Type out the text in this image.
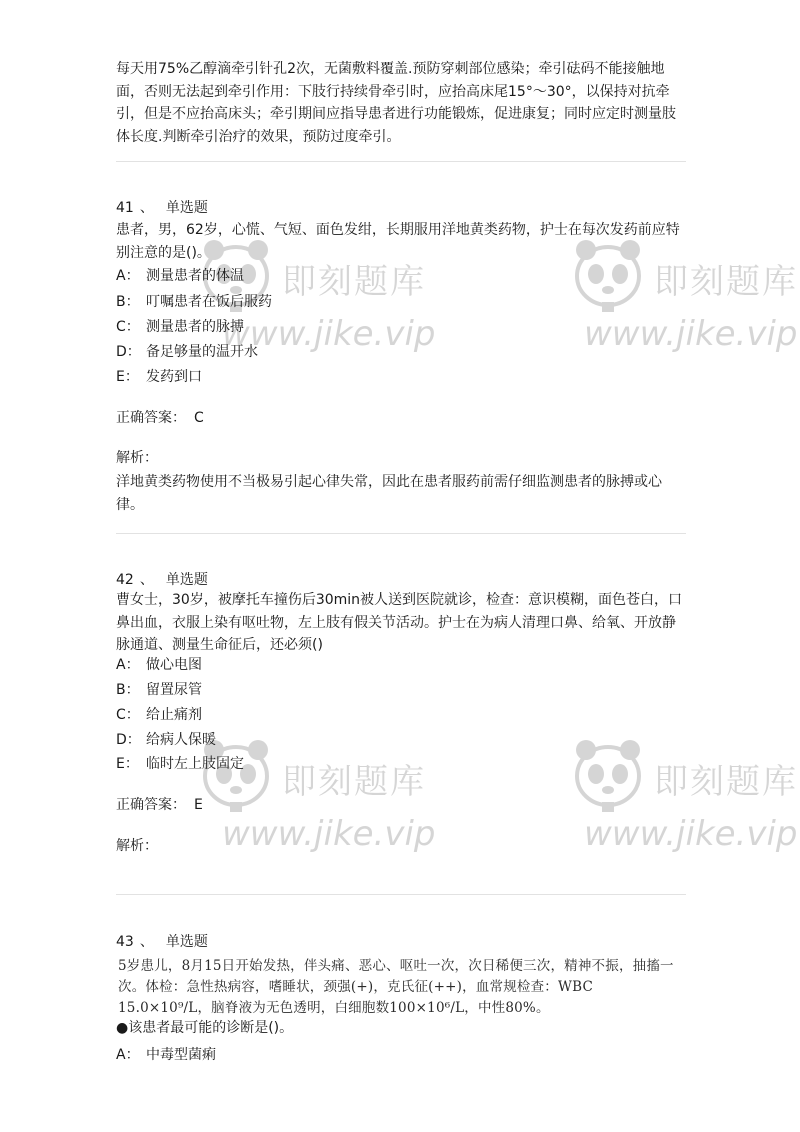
每天用75%乙醇滴牵引针孔2次，无菌敷料覆盖.预防穿刺部位感染；牵引砝码不能接触地面，否则无法起到牵引作用：下肢行持续骨牵引时，应抬高床尾15°～30°，以保持对抗牵引，但是不应抬高床头；牵引期间应指导患者进行功能锻炼，促进康复；同时应定时测量肢体长度.判断牵引治疗的效果，预防过度牵引。
41 、 单选题
患者，男，62岁，心慌、气短、面色发绀，长期服用洋地黄类药物，护士在每次发药前应特别注意的是()。
A： 测量患者的体温
B： 叮嘱患者在饭后服药
C： 测量患者的脉搏
D： 备足够量的温开水
E： 发药到口
正确答案： C
解析：
洋地黄类药物使用不当极易引起心律失常，因此在患者服药前需仔细监测患者的脉搏或心律。
42 、 单选题
曹女士，30岁，被摩托车撞伤后30min被人送到医院就诊，检查：意识模糊，面色苍白，口鼻出血，衣服上染有呕吐物，左上肢有假关节活动。护士在为病人清理口鼻、给氧、开放静脉通道、测量生命征后，还必须()
A： 做心电图
B： 留置尿管
C： 给止痛剂
D： 给病人保暖
E： 临时左上肢固定
正确答案： E
解析：
43 、 单选题
5岁患儿，8月15日开始发热，伴头痛、恶心、呕吐一次，次日稀便三次，精神不振，抽搐一次。体检：急性热病容，嗜睡状，颈强(+)，克氏征(++)，血常规检查：WBC 15.0×10⁹/L，脑脊液为无色透明，白细胞数100×10⁶/L，中性80%。
●该患者最可能的诊断是()。
A： 中毒型菌痢
即刻题库
www.jike.vip
即刻题库
www.jike.vip
即刻题库
www.jike.vip
即刻题库
www.jike.vip
